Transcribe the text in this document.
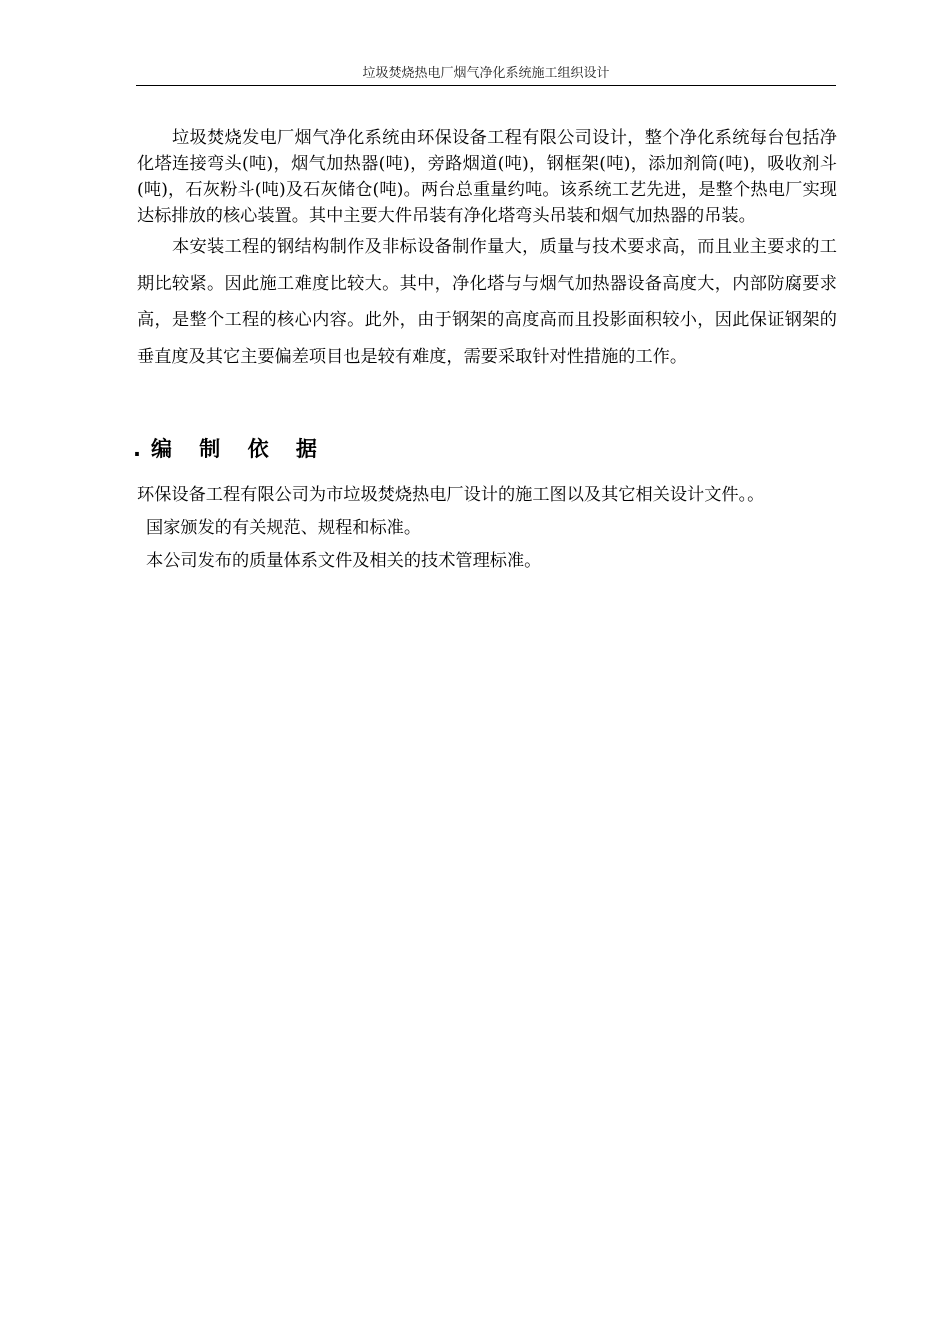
垃圾焚烧热电厂烟气净化系统施工组织设计

垃圾焚烧发电厂烟气净化系统由环保设备工程有限公司设计，整个净化系统每台包括净化塔连接弯头(吨)，烟气加热器(吨)，旁路烟道(吨)，钢框架(吨)，添加剂筒(吨)，吸收剂斗(吨)，石灰粉斗(吨)及石灰储仓(吨)。两台总重量约吨。该系统工艺先进，是整个热电厂实现达标排放的核心装置。其中主要大件吊装有净化塔弯头吊装和烟气加热器的吊装。

本安装工程的钢结构制作及非标设备制作量大，质量与技术要求高，而且业主要求的工期比较紧。因此施工难度比较大。其中，净化塔与与烟气加热器设备高度大，内部防腐要求高，是整个工程的核心内容。此外，由于钢架的高度高而且投影面积较小，因此保证钢架的垂直度及其它主要偏差项目也是较有难度，需要采取针对性措施的工作。

.编 制 依 据
环保设备工程有限公司为市垃圾焚烧热电厂设计的施工图以及其它相关设计文件。。
国家颁发的有关规范、规程和标准。
本公司发布的质量体系文件及相关的技术管理标准。
